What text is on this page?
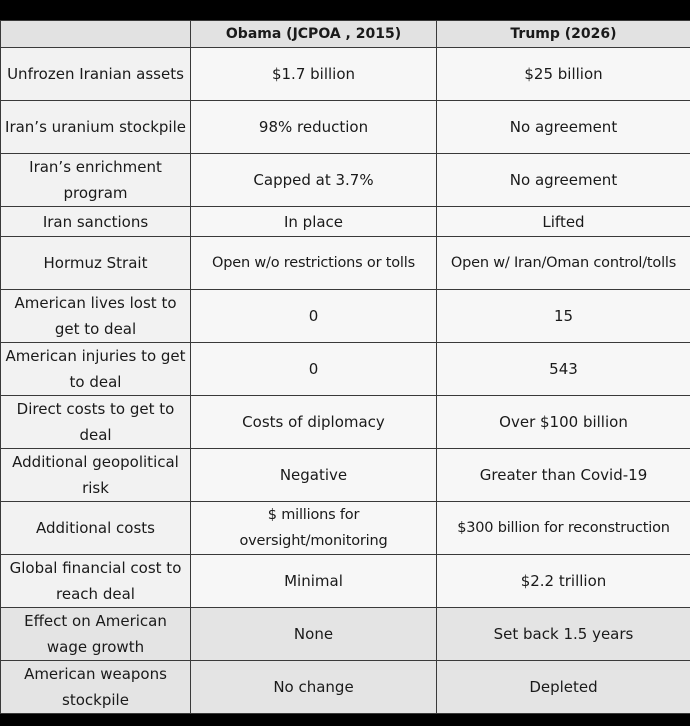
	Obama (JCPOA , 2015)	Trump (2026)
Unfrozen Iranian assets	$1.7 billion	$25 billion
Iran’s uranium stockpile	98% reduction	No agreement
Iran’s enrichment program	Capped at 3.7%	No agreement
Iran sanctions	In place	Lifted
Hormuz Strait	Open w/o restrictions or tolls	Open w/ Iran/Oman control/tolls
American lives lost to get to deal	0	15
American injuries to get to deal	0	543
Direct costs to get to deal	Costs of diplomacy	Over $100 billion
Additional geopolitical risk	Negative	Greater than Covid-19
Additional costs	$ millions for oversight/monitoring	$300 billion for reconstruction
Global financial cost to reach deal	Minimal	$2.2 trillion
Effect on American wage growth	None	Set back 1.5 years
American weapons stockpile	No change	Depleted
